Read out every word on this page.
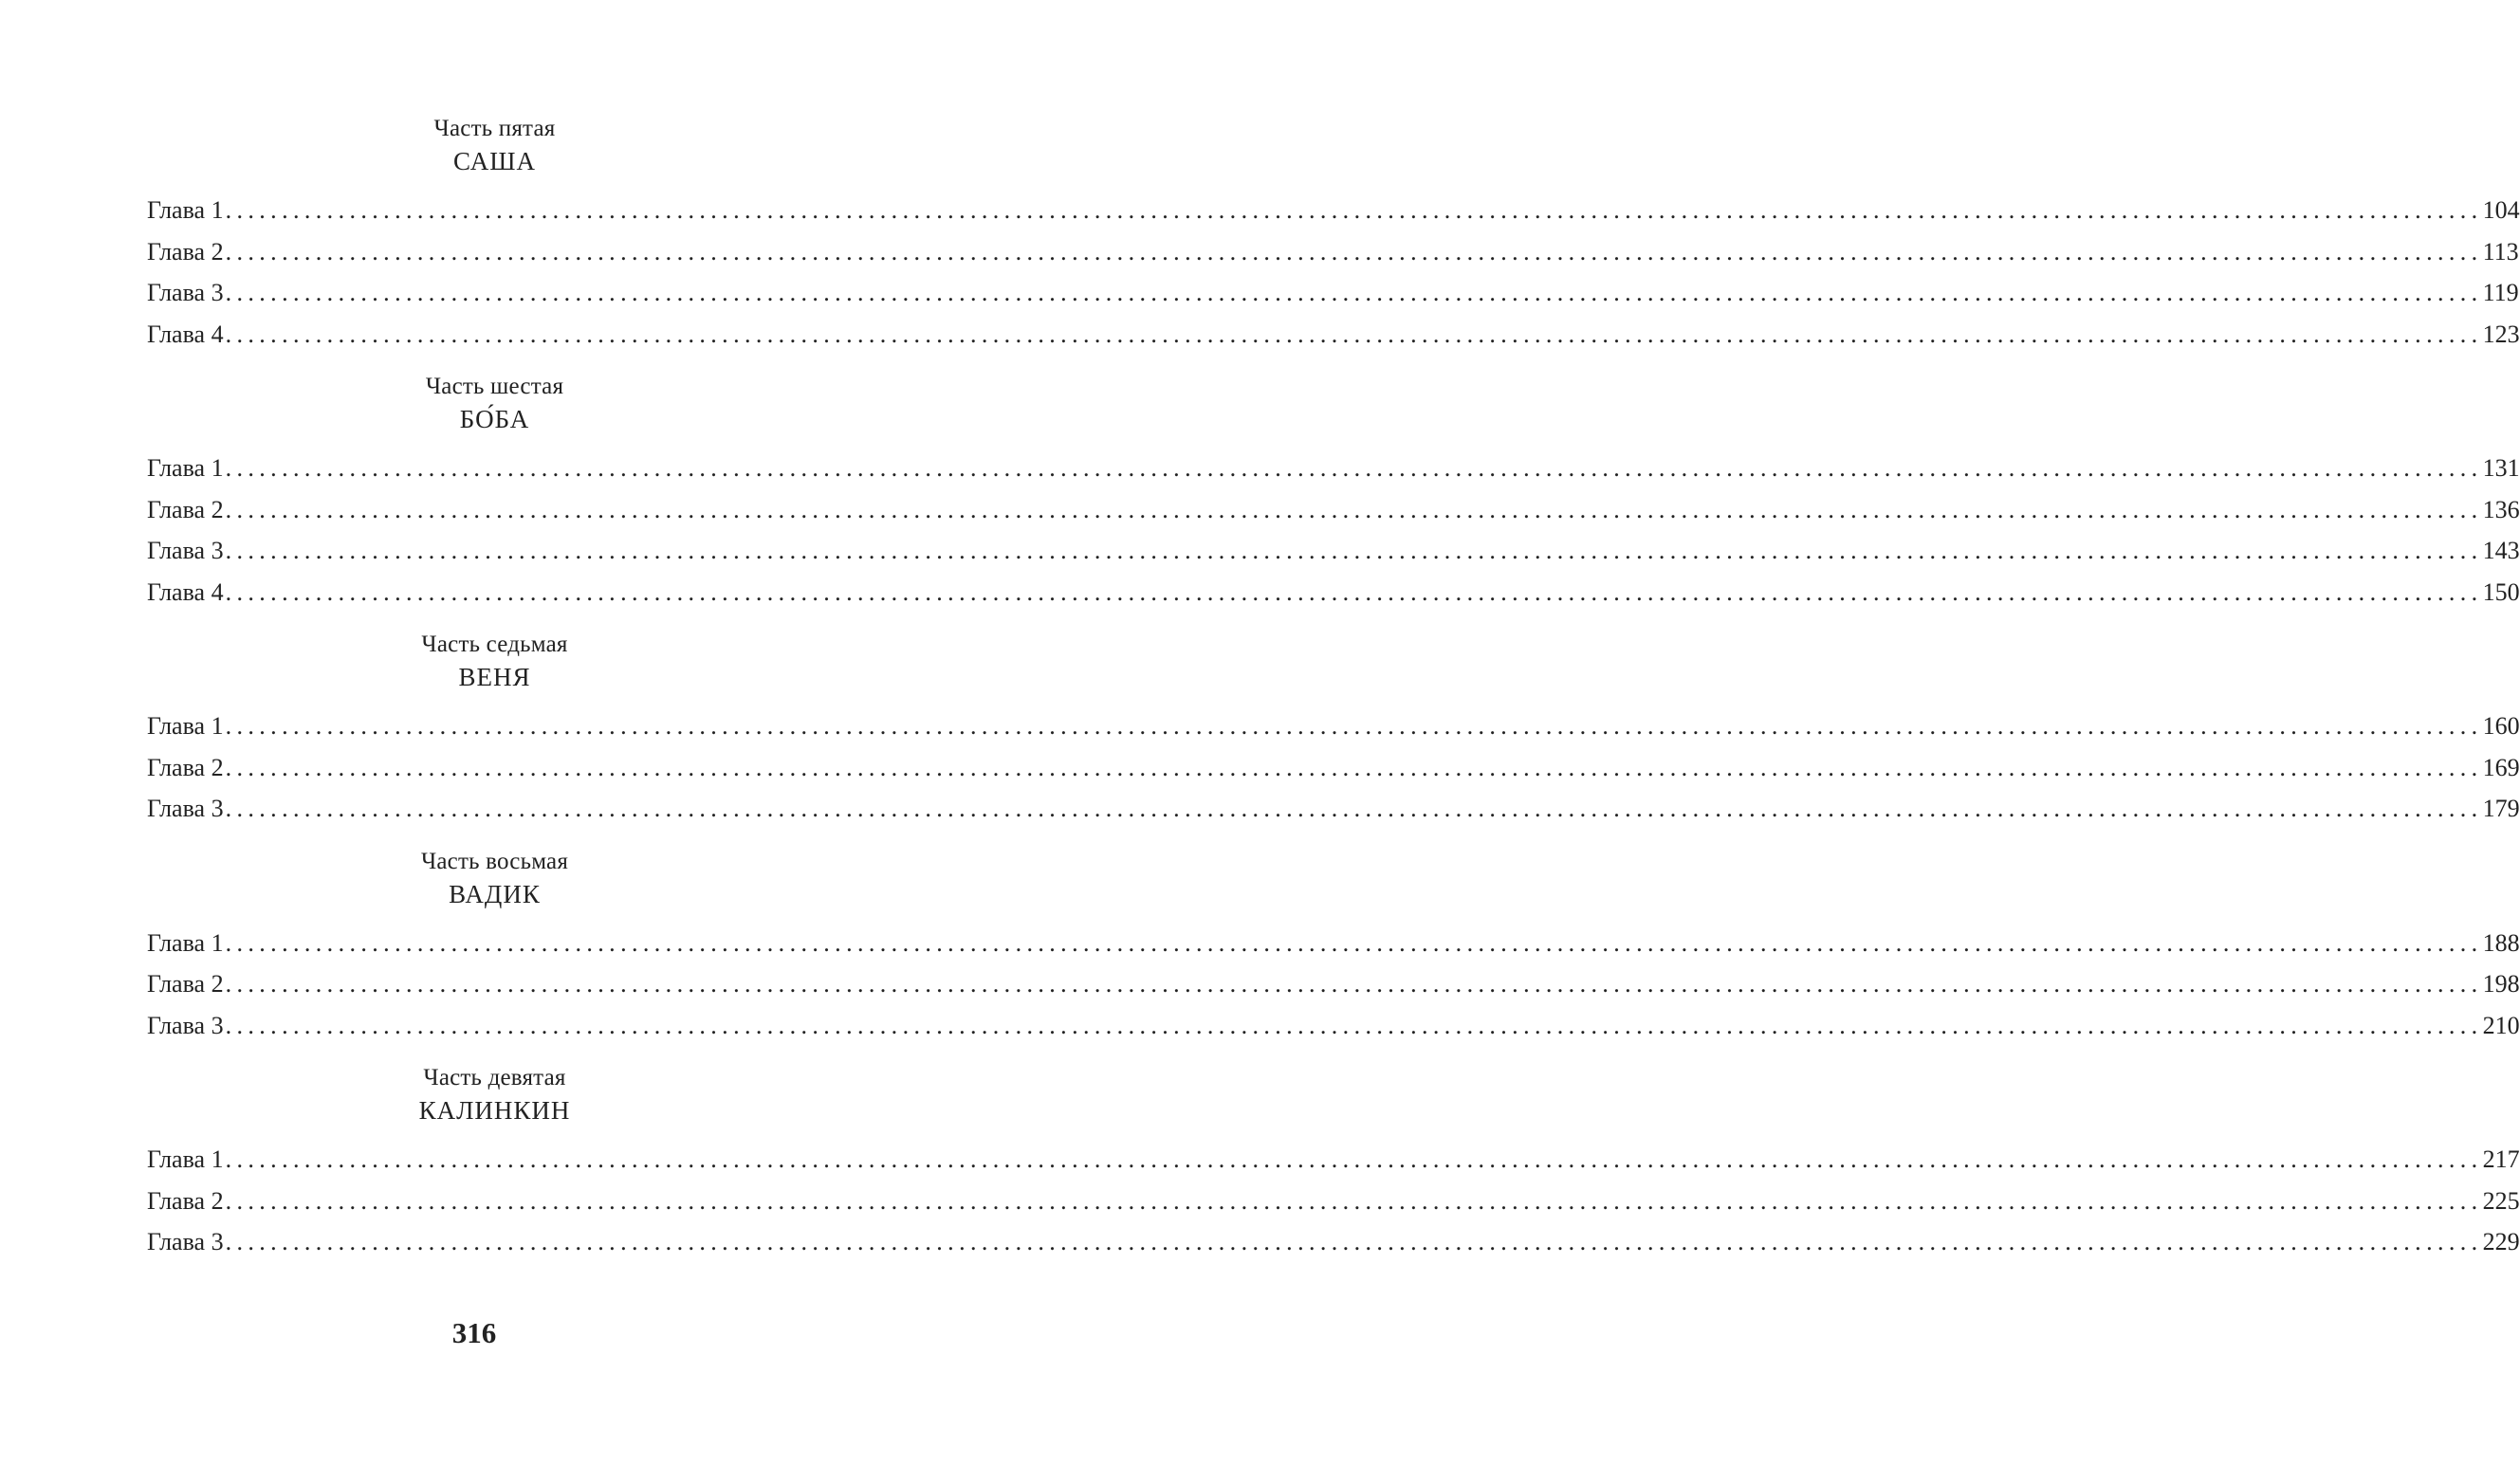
Часть пятая
САША
Глава 1 ........................................................................................................................................................................................................ 104
Глава 2 ........................................................................................................................................................................................................ 113
Глава 3 ........................................................................................................................................................................................................ 119
Глава 4 ........................................................................................................................................................................................................ 123
Часть шестая
БО́БА
Глава 1 ........................................................................................................................................................................................................ 131
Глава 2 ........................................................................................................................................................................................................ 136
Глава 3 ........................................................................................................................................................................................................ 143
Глава 4 ........................................................................................................................................................................................................ 150
Часть седьмая
ВЕНЯ
Глава 1 ........................................................................................................................................................................................................ 160
Глава 2 ........................................................................................................................................................................................................ 169
Глава 3 ........................................................................................................................................................................................................ 179
Часть восьмая
ВАДИК
Глава 1 ........................................................................................................................................................................................................ 188
Глава 2 ........................................................................................................................................................................................................ 198
Глава 3 ........................................................................................................................................................................................................ 210
Часть девятая
КАЛИНКИН
Глава 1 ........................................................................................................................................................................................................ 217
Глава 2 ........................................................................................................................................................................................................ 225
Глава 3 ........................................................................................................................................................................................................ 229
316
